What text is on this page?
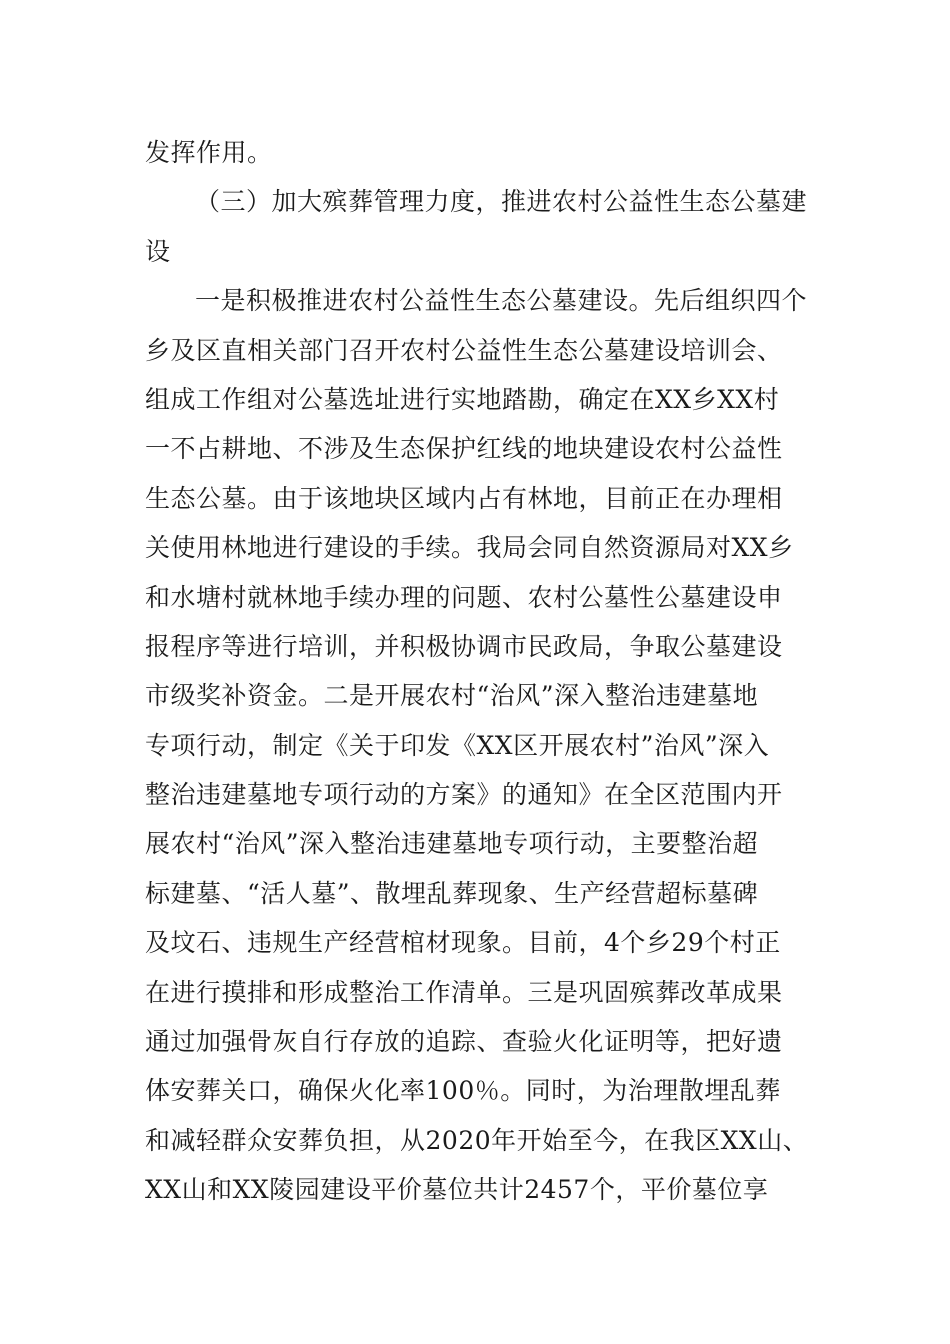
发挥作用。
（三）加大殡葬管理力度，推进农村公益性生态公墓建
设
一是积极推进农村公益性生态公墓建设。先后组织四个
乡及区直相关部门召开农村公益性生态公墓建设培训会、
组成工作组对公墓选址进行实地踏勘，确定在XX乡XX村
一不占耕地、不涉及生态保护红线的地块建设农村公益性
生态公墓。由于该地块区域内占有林地，目前正在办理相
关使用林地进行建设的手续。我局会同自然资源局对XX乡
和水塘村就林地手续办理的问题、农村公墓性公墓建设申
报程序等进行培训，并积极协调市民政局，争取公墓建设
市级奖补资金。二是开展农村“治风”深入整治违建墓地
专项行动，制定《关于印发《XX区开展农村”治风”深入
整治违建墓地专项行动的方案》的通知》在全区范围内开
展农村“治风”深入整治违建墓地专项行动，主要整治超
标建墓、“活人墓”、散埋乱葬现象、生产经营超标墓碑
及坟石、违规生产经营棺材现象。目前，4个乡29个村正
在进行摸排和形成整治工作清单。三是巩固殡葬改革成果
通过加强骨灰自行存放的追踪、查验火化证明等，把好遗
体安葬关口，确保火化率100％。同时，为治理散埋乱葬
和减轻群众安葬负担，从2020年开始至今，在我区XX山、
XX山和XX陵园建设平价墓位共计2457个，平价墓位享
